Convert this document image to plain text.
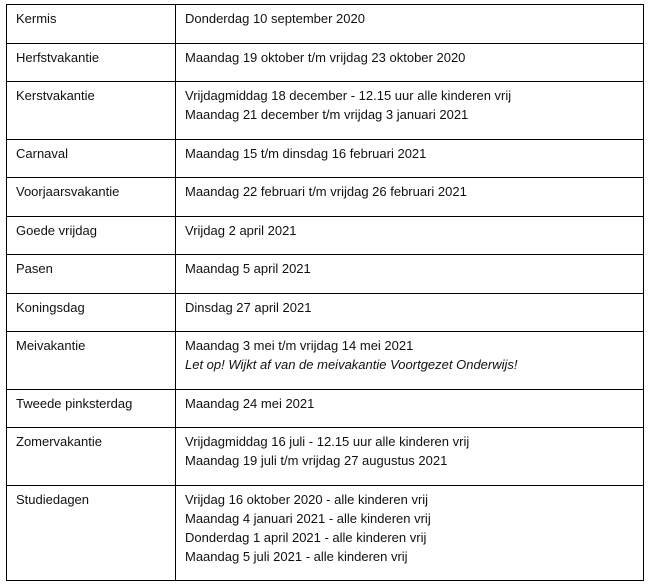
Kermis	Donderdag 10 september 2020

Herfstvakantie	Maandag 19 oktober t/m vrijdag 23 oktober 2020

Kerstvakantie	Vrijdagmiddag 18 december - 12.15 uur alle kinderen vrij
Maandag 21 december t/m vrijdag 3 januari 2021

Carnaval	Maandag 15 t/m dinsdag 16 februari 2021

Voorjaarsvakantie	Maandag 22 februari t/m vrijdag 26 februari 2021

Goede vrijdag	Vrijdag 2 april 2021

Pasen	Maandag 5 april 2021

Koningsdag	Dinsdag 27 april 2021

Meivakantie	Maandag 3 mei t/m vrijdag 14 mei 2021
Let op! Wijkt af van de meivakantie Voortgezet Onderwijs!

Tweede pinksterdag	Maandag 24 mei 2021

Zomervakantie	Vrijdagmiddag 16 juli - 12.15 uur alle kinderen vrij
Maandag 19 juli t/m vrijdag 27 augustus 2021

Studiedagen	Vrijdag 16 oktober 2020 - alle kinderen vrij
Maandag 4 januari 2021 - alle kinderen vrij
Donderdag 1 april 2021 - alle kinderen vrij
Maandag 5 juli 2021 - alle kinderen vrij
